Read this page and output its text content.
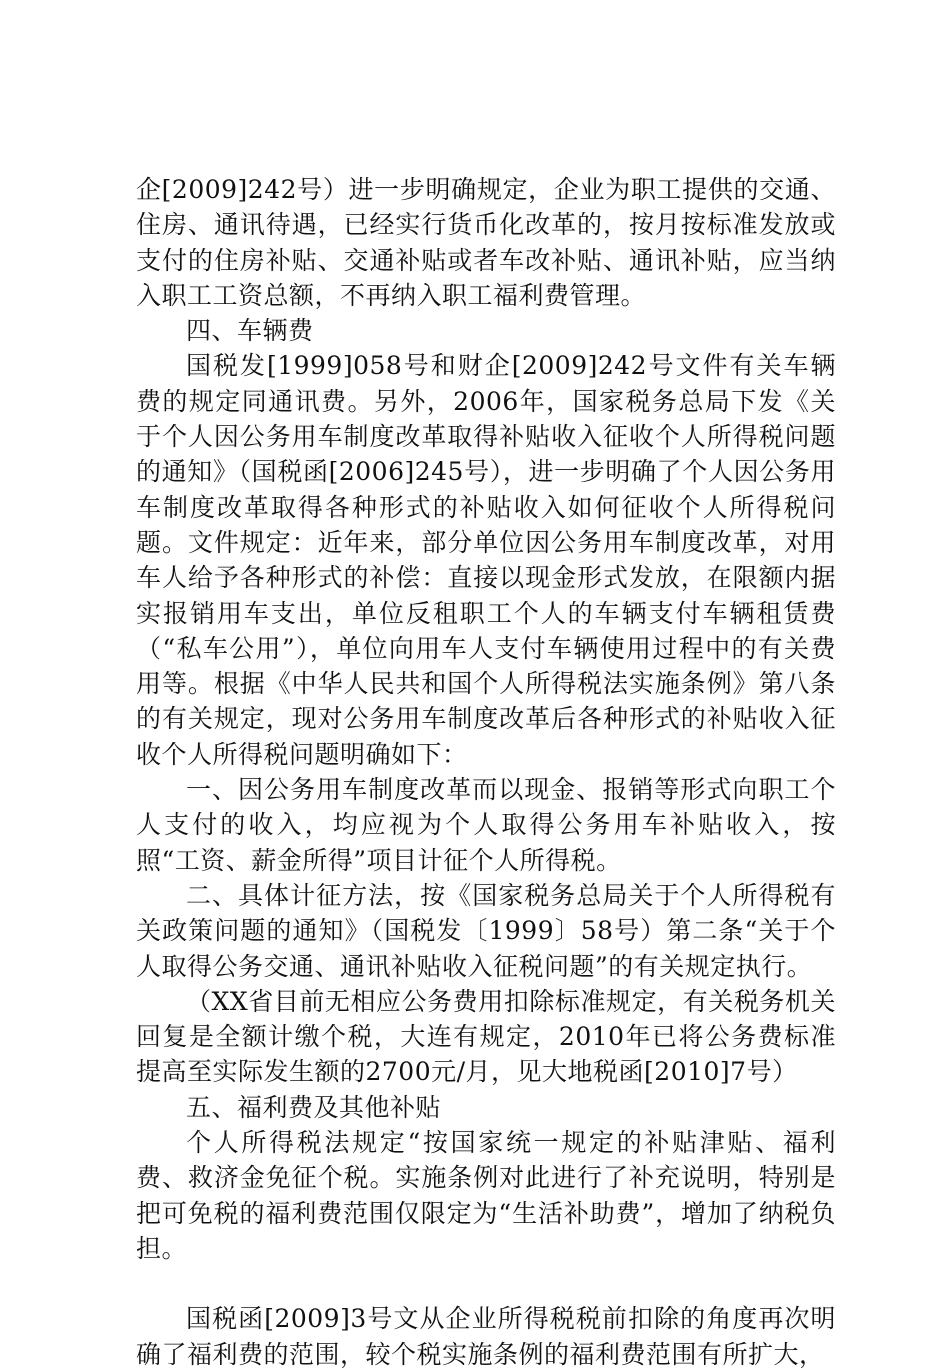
企[2009]242号）进一步明确规定，企业为职工提供的交通、住房、通讯待遇，已经实行货币化改革的，按月按标准发放或支付的住房补贴、交通补贴或者车改补贴、通讯补贴，应当纳入职工工资总额，不再纳入职工福利费管理。

四、车辆费

国税发[1999]058号和财企[2009]242号文件有关车辆费的规定同通讯费。另外，2006年，国家税务总局下发《关于个人因公务用车制度改革取得补贴收入征收个人所得税问题的通知》（国税函[2006]245号），进一步明确了个人因公务用车制度改革取得各种形式的补贴收入如何征收个人所得税问题。文件规定：近年来，部分单位因公务用车制度改革，对用车人给予各种形式的补偿：直接以现金形式发放，在限额内据实报销用车支出，单位反租职工个人的车辆支付车辆租赁费（“私车公用”），单位向用车人支付车辆使用过程中的有关费用等。根据《中华人民共和国个人所得税法实施条例》第八条的有关规定，现对公务用车制度改革后各种形式的补贴收入征收个人所得税问题明确如下：

一、因公务用车制度改革而以现金、报销等形式向职工个人支付的收入，均应视为个人取得公务用车补贴收入，按照“工资、薪金所得”项目计征个人所得税。

二、具体计征方法，按《国家税务总局关于个人所得税有关政策问题的通知》（国税发〔1999〕58号）第二条“关于个人取得公务交通、通讯补贴收入征税问题”的有关规定执行。

（XX省目前无相应公务费用扣除标准规定，有关税务机关回复是全额计缴个税，大连有规定，2010年已将公务费标准提高至实际发生额的2700元/月，见大地税函[2010]7号）

五、福利费及其他补贴

个人所得税法规定“按国家统一规定的补贴津贴、福利费、救济金免征个税。实施条例对此进行了补充说明，特别是把可免税的福利费范围仅限定为“生活补助费”，增加了纳税负担。

国税函[2009]3号文从企业所得税税前扣除的角度再次明确了福利费的范围，较个税实施条例的福利费范围有所扩大，
